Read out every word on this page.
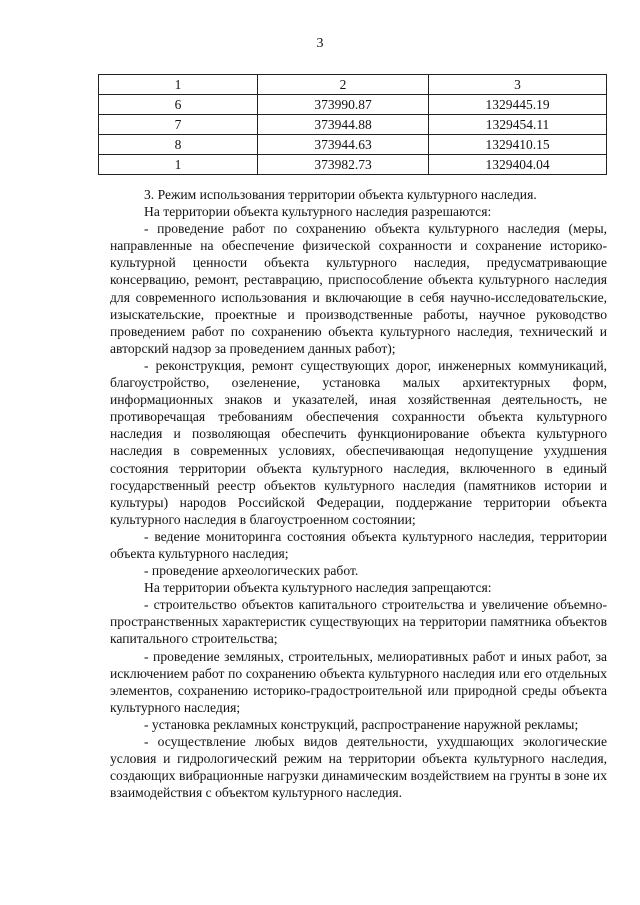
3
1	2	3
6	373990.87	1329445.19
7	373944.88	1329454.11
8	373944.63	1329410.15
1	373982.73	1329404.04

3. Режим использования территории объекта культурного наследия.

На территории объекта культурного наследия разрешаются:

- проведение работ по сохранению объекта культурного наследия (меры, направленные на обеспечение физической сохранности и сохранение историко-культурной ценности объекта культурного наследия, предусматривающие консервацию, ремонт, реставрацию, приспособление объекта культурного наследия для современного использования и включающие в себя научно-исследовательские, изыскательские, проектные и производственные работы, научное руководство проведением работ по сохранению объекта культурного наследия, технический и авторский надзор за проведением данных работ);

- реконструкция, ремонт существующих дорог, инженерных коммуникаций, благоустройство, озеленение, установка малых архитектурных форм, информационных знаков и указателей, иная хозяйственная деятельность, не противоречащая требованиям обеспечения сохранности объекта культурного наследия и позволяющая обеспечить функционирование объекта культурного наследия в современных условиях, обеспечивающая недопущение ухудшения состояния территории объекта культурного наследия, включенного в единый государственный реестр объектов культурного наследия (памятников истории и культуры) народов Российской Федерации, поддержание территории объекта культурного наследия в благоустроенном состоянии;

- ведение мониторинга состояния объекта культурного наследия, территории объекта культурного наследия;

- проведение археологических работ.

На территории объекта культурного наследия запрещаются:

- строительство объектов капитального строительства и увеличение объемно-пространственных характеристик существующих на территории памятника объектов капитального строительства;

- проведение земляных, строительных, мелиоративных работ и иных работ, за исключением работ по сохранению объекта культурного наследия или его отдельных элементов, сохранению историко-градостроительной или природной среды объекта культурного наследия;

- установка рекламных конструкций, распространение наружной рекламы;

- осуществление любых видов деятельности, ухудшающих экологические условия и гидрологический режим на территории объекта культурного наследия, создающих вибрационные нагрузки динамическим воздействием на грунты в зоне их взаимодействия с объектом культурного наследия.
